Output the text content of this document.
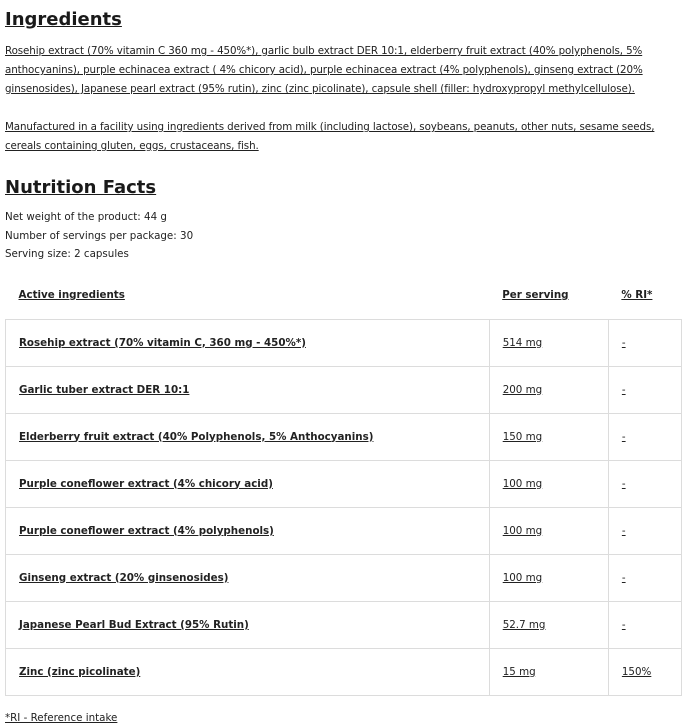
Ingredients

Rosehip extract (70% vitamin C 360 mg - 450%*), garlic bulb extract DER 10:1, elderberry fruit extract (40% polyphenols, 5% anthocyanins), purple echinacea extract ( 4% chicory acid), purple echinacea extract (4% polyphenols), ginseng extract (20% ginsenosides), Japanese pearl extract (95% rutin), zinc (zinc picolinate), capsule shell (filler: hydroxypropyl methylcellulose).

Manufactured in a facility using ingredients derived from milk (including lactose), soybeans, peanuts, other nuts, sesame seeds, cereals containing gluten, eggs, crustaceans, fish.

Nutrition Facts
Net weight of the product: 44 g
Number of servings per package: 30
Serving size: 2 capsules
Active ingredients	Per serving	% RI*
Rosehip extract (70% vitamin C, 360 mg - 450%*)	514 mg	-
Garlic tuber extract DER 10:1	200 mg	-
Elderberry fruit extract (40% Polyphenols, 5% Anthocyanins)	150 mg	-
Purple coneflower extract (4% chicory acid)	100 mg	-
Purple coneflower extract (4% polyphenols)	100 mg	-
Ginseng extract (20% ginsenosides)	100 mg	-
Japanese Pearl Bud Extract (95% Rutin)	52.7 mg	-
Zinc (zinc picolinate)	15 mg	150%
*RI - Reference intake
